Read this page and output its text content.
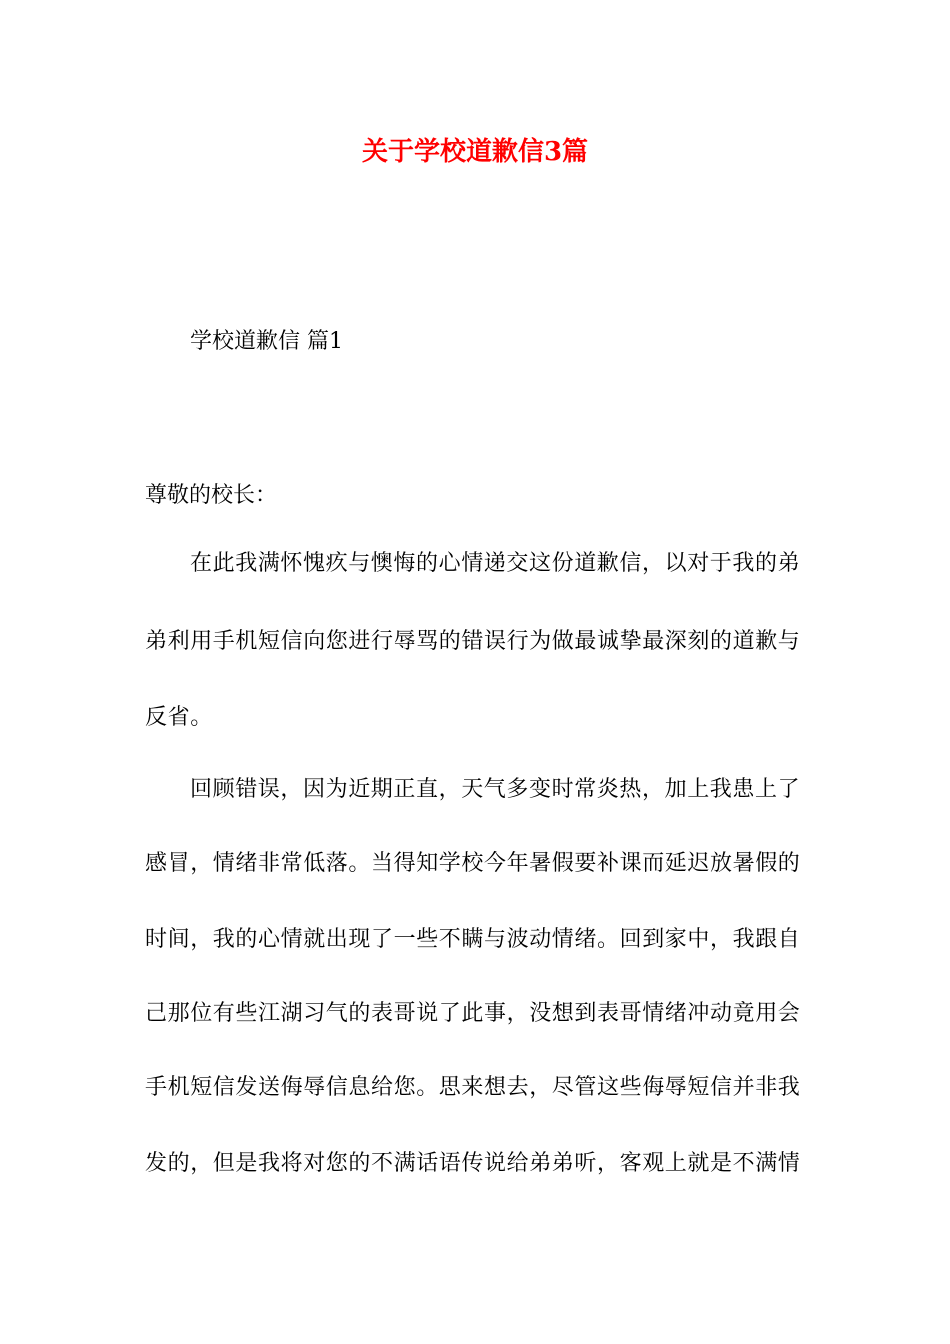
关于学校道歉信3篇

学校道歉信 篇1

尊敬的校长：

在此我满怀愧疚与懊悔的心情递交这份道歉信，以对于我的弟

弟利用手机短信向您进行辱骂的错误行为做最诚挚最深刻的道歉与

反省。

回顾错误，因为近期正直，天气多变时常炎热，加上我患上了

感冒，情绪非常低落。当得知学校今年暑假要补课而延迟放暑假的

时间，我的心情就出现了一些不瞒与波动情绪。回到家中，我跟自

己那位有些江湖习气的表哥说了此事，没想到表哥情绪冲动竟用会

手机短信发送侮辱信息给您。思来想去，尽管这些侮辱短信并非我

发的，但是我将对您的不满话语传说给弟弟听，客观上就是不满情
